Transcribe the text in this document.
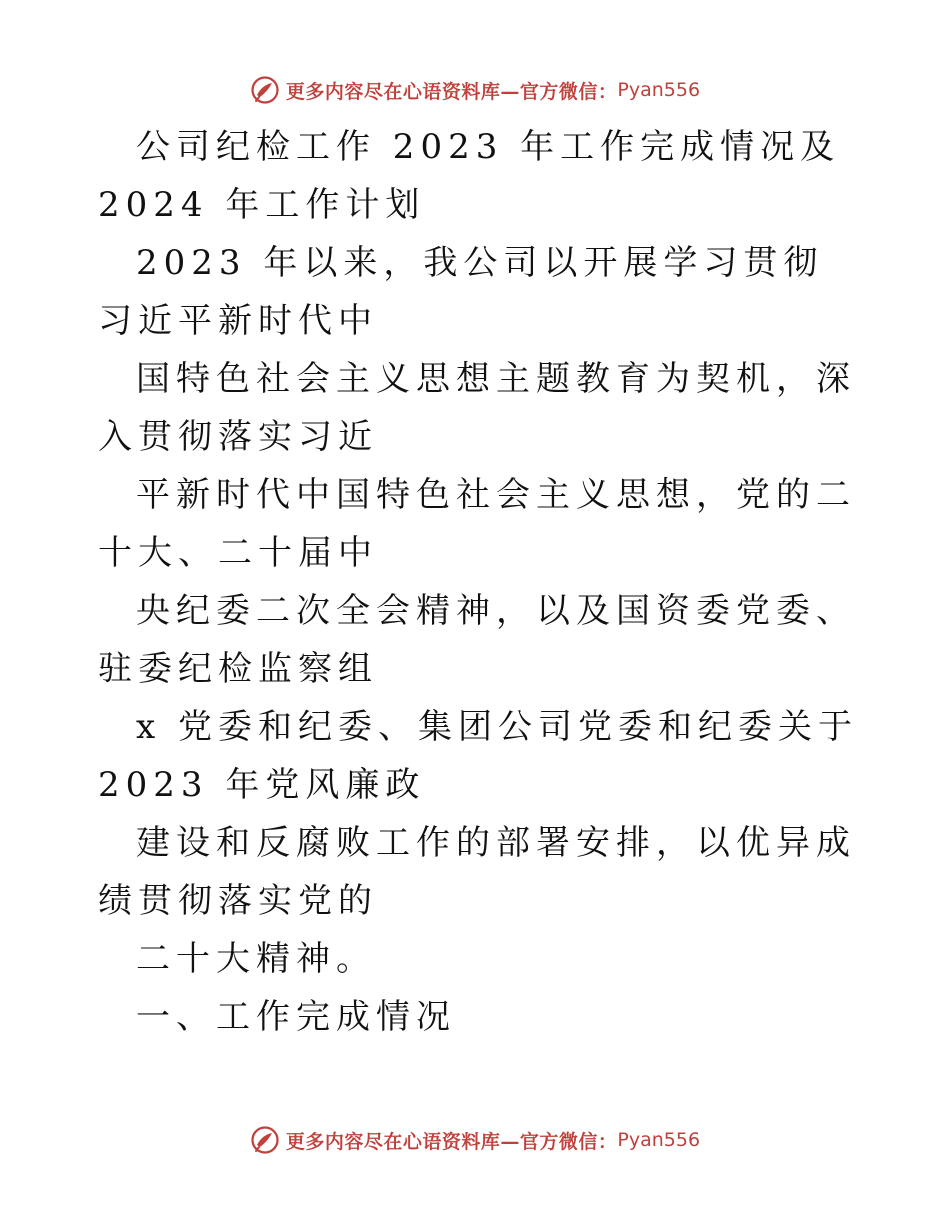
更多内容尽在心语资料库—官方微信： Pyan556

公司纪检工作 2023 年工作完成情况及 2024 年工作计划

2023 年以来，我公司以开展学习贯彻习近平新时代中

国特色社会主义思想主题教育为契机，深入贯彻落实习近

平新时代中国特色社会主义思想，党的二十大、二十届中

央纪委二次全会精神，以及国资委党委、驻委纪检监察组

x 党委和纪委、集团公司党委和纪委关于 2023 年党风廉政

建设和反腐败工作的部署安排，以优异成绩贯彻落实党的

二十大精神。

一、工作完成情况

更多内容尽在心语资料库—官方微信： Pyan556
